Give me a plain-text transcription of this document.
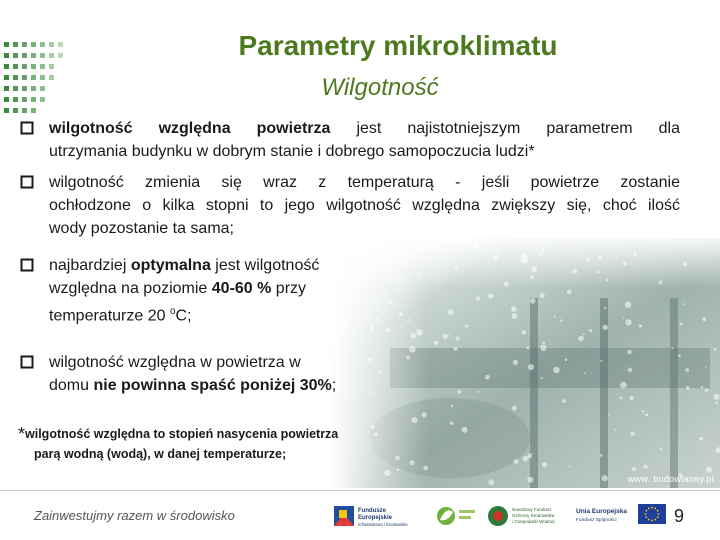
Parametry mikroklimatu
Wilgotność
wilgotność względna powietrza jest najistotniejszym parametrem dla
utrzymania budynku w dobrym stanie i dobrego samopoczucia ludzi*
wilgotność zmienia się wraz z temperaturą - jeśli powietrze zostanie
ochłodzone o kilka stopni to jego wilgotność względna zwiększy się, choć ilość
wody pozostanie ta sama;
najbardziej optymalna jest wilgotność
względna na poziomie 40-60 % przy
temperaturze 20 $^o$C;
wilgotność względna w powietrza w
domu nie powinna spaść poniżej 30%;
*wilgotność względna to stopień nasycenia powietrza
parą wodną (wodą), w danej temperaturze;
www. budowlaney.pl
Zainwestujmy razem w środowisko	Fundusze
Europejskie
Infrastruktura i Środowisko
Narodowy Fundusz
Ochrony Środowiska
i Gospodarki Wodnej
Unia Europejska
Fundusz Spójności	9
